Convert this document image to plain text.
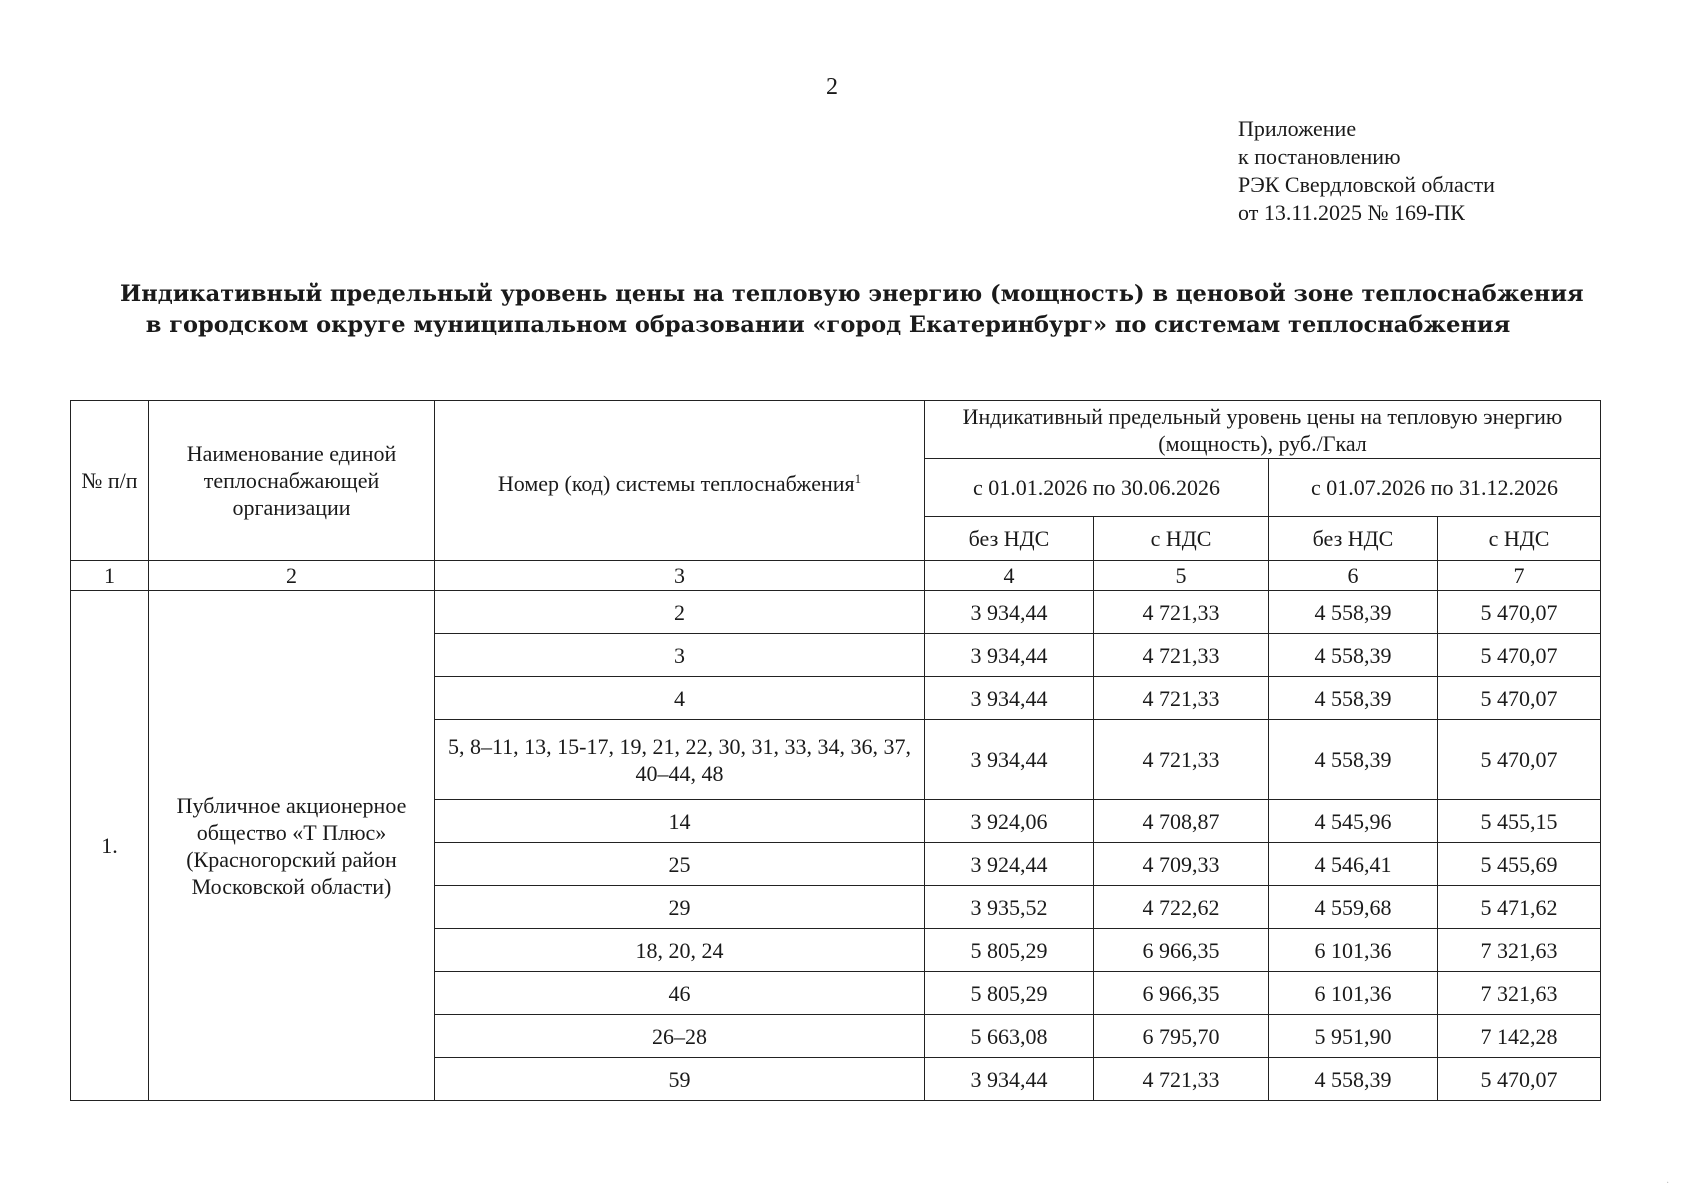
2
Приложение
к постановлению
РЭК Свердловской области
от 13.11.2025 № 169-ПК
Индикативный предельный уровень цены на тепловую энергию (мощность) в ценовой зоне теплоснабжения
в городском округе муниципальном образовании «город Екатеринбург» по системам теплоснабжения
№ п/п	Наименование единой теплоснабжающей организации	Номер (код) системы теплоснабжения$^1$	Индикативный предельный уровень цены на тепловую энергию (мощность), руб./Гкал			
			с 01.01.2026 по 30.06.2026		с 01.07.2026 по 31.12.2026	
			без НДС	с НДС	без НДС	с НДС
1	2	3	4	5	6	7
1.	Публичное акционерное общество «Т Плюс» (Красногорский район Московской области)	2	3 934,44	4 721,33	4 558,39	5 470,07
		3	3 934,44	4 721,33	4 558,39	5 470,07
		4	3 934,44	4 721,33	4 558,39	5 470,07
		5, 8–11, 13, 15-17, 19, 21, 22, 30, 31, 33, 34, 36, 37, 40–44, 48	3 934,44	4 721,33	4 558,39	5 470,07
		14	3 924,06	4 708,87	4 545,96	5 455,15
		25	3 924,44	4 709,33	4 546,41	5 455,69
		29	3 935,52	4 722,62	4 559,68	5 471,62
		18, 20, 24	5 805,29	6 966,35	6 101,36	7 321,63
		46	5 805,29	6 966,35	6 101,36	7 321,63
		26–28	5 663,08	6 795,70	5 951,90	7 142,28
		59	3 934,44	4 721,33	4 558,39	5 470,07
·
